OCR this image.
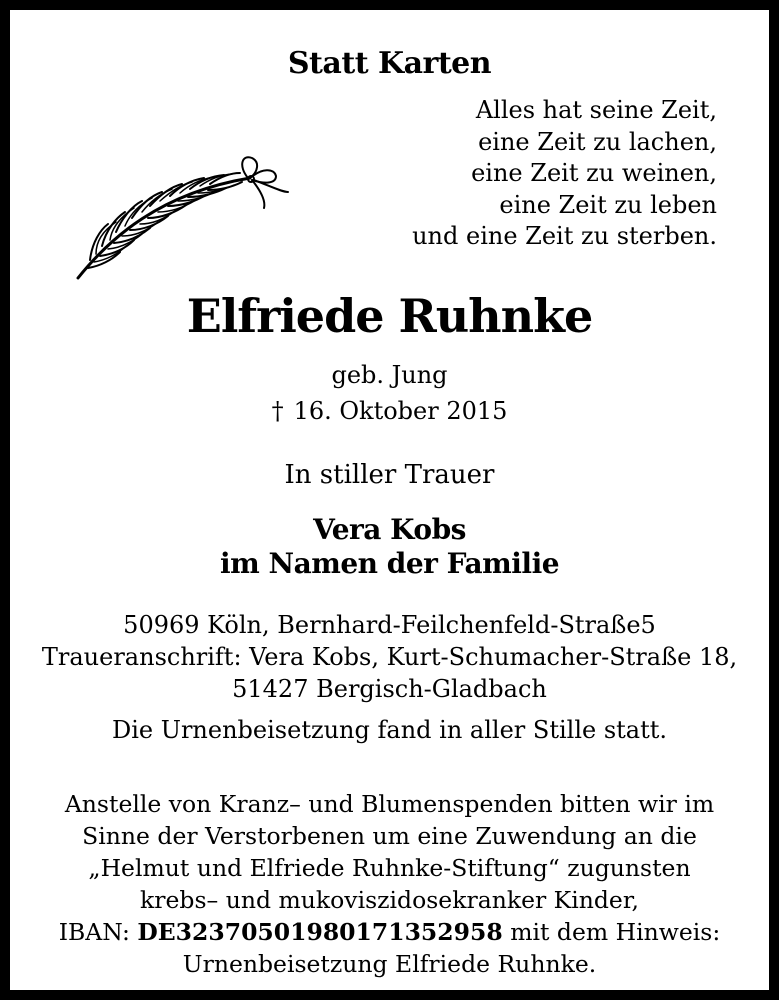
Statt Karten
Alles hat seine Zeit,
eine Zeit zu lachen,
eine Zeit zu weinen,
eine Zeit zu leben
und eine Zeit zu sterben.
Elfriede Ruhnke
geb. Jung
† 16. Oktober 2015
In stiller Trauer
Vera Kobs
im Namen der Familie
50969 Köln, Bernhard-Feilchenfeld-Straße5
Traueranschrift: Vera Kobs, Kurt-Schumacher-Straße 18,
51427 Bergisch-Gladbach
Die Urnenbeisetzung fand in aller Stille statt.
Anstelle von Kranz– und Blumenspenden bitten wir im
Sinne der Verstorbenen um eine Zuwendung an die
„Helmut und Elfriede Ruhnke-Stiftung“ zugunsten
krebs– und mukoviszidosekranker Kinder,
IBAN: DE32370501980171352958 mit dem Hinweis:
Urnenbeisetzung Elfriede Ruhnke.
